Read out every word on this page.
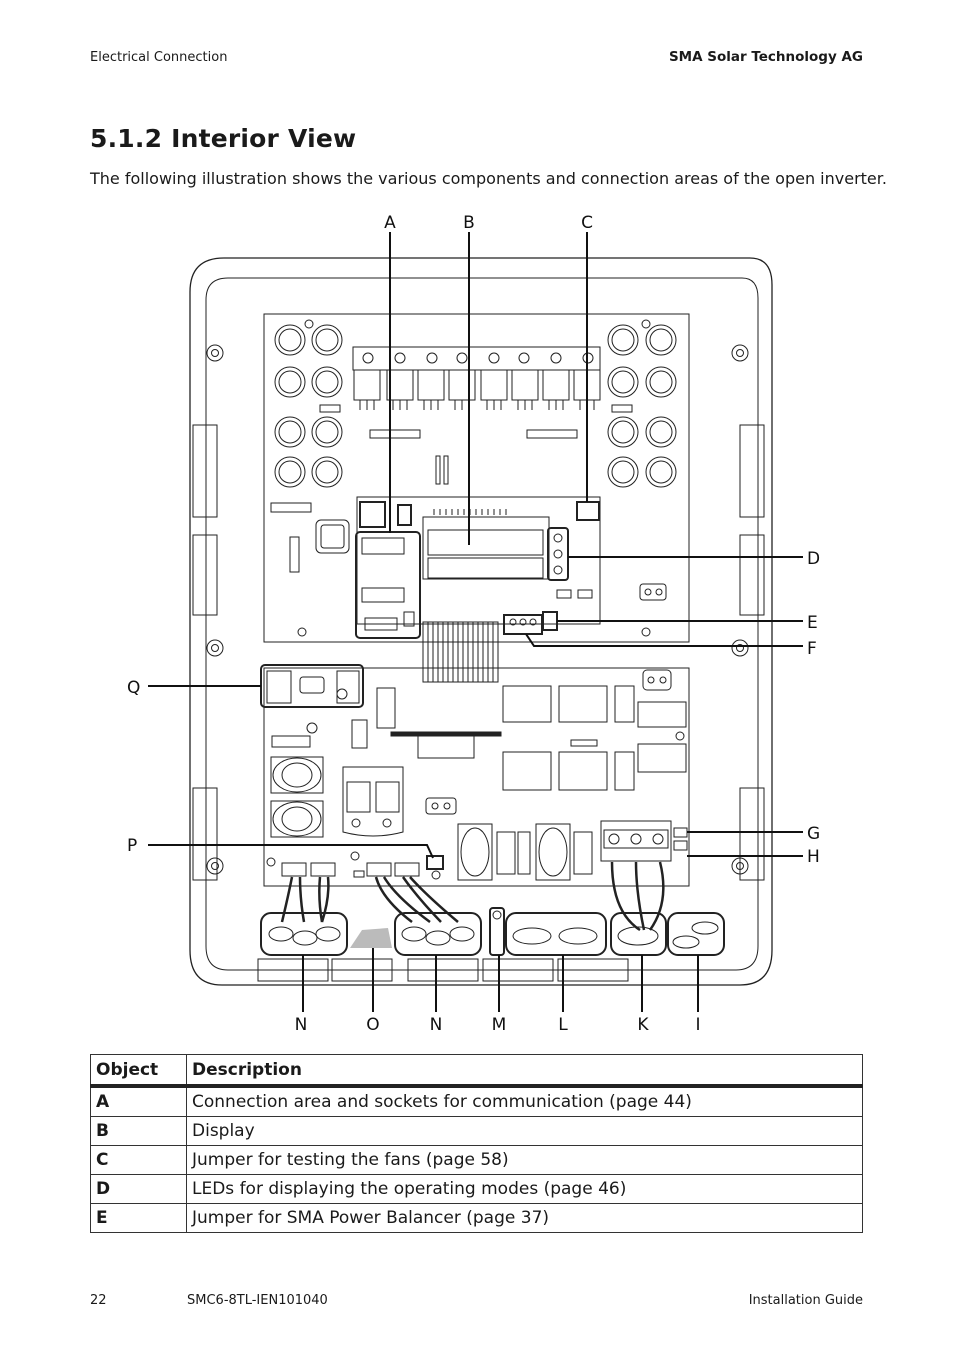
Electrical Connection	SMA Solar Technology AG
5.1.2 Interior View

The following illustration shows the various components and connection areas of the open inverter.

A	B	C
D
E
F
G
H
Q
P
N	O	N	M	L	K	I
Object	Description
A	Connection area and sockets for communication (page 44)
B	Display
C	Jumper for testing the fans (page 58)
D	LEDs for displaying the operating modes (page 46)
E	Jumper for SMA Power Balancer (page 37)
22	SMC6-8TL-IEN101040	Installation Guide
